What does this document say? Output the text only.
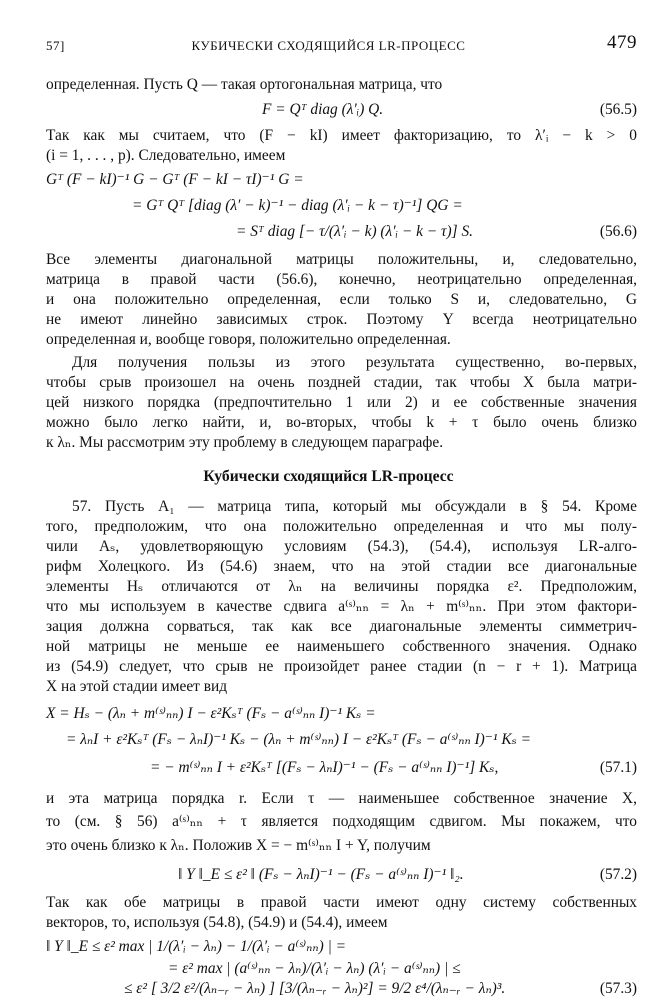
57]	КУБИЧЕСКИ СХОДЯЩИЙСЯ LR-ПРОЦЕСС	479
определенная. Пусть Q — такая ортогональная матрица, что
F = Qᵀ diag (λ′ᵢ) Q.	(56.5)
Так как мы считаем, что (F − kI) имеет факторизацию, то λ′ᵢ − k > 0
(i = 1, . . . , p). Следовательно, имеем
Gᵀ (F − kI)⁻¹ G − Gᵀ (F − kI − τI)⁻¹ G =
= Gᵀ Qᵀ [diag (λ′ − k)⁻¹ − diag (λ′ᵢ − k − τ)⁻¹] QG =
= Sᵀ diag [− τ/(λ′ᵢ − k) (λ′ᵢ − k − τ)] S.	(56.6)
Все элементы диагональной матрицы положительны, и, следовательно,
матрица в правой части (56.6), конечно, неотрицательно определенная,
и она положительно определенная, если только S и, следовательно, G
не имеют линейно зависимых строк. Поэтому Y всегда неотрицательно
определенная и, вообще говоря, положительно определенная.
Для получения пользы из этого результата существенно, во-первых,
чтобы срыв произошел на очень поздней стадии, так чтобы X была матри-
цей низкого порядка (предпочтительно 1 или 2) и ее собственные значения
можно было легко найти, и, во-вторых, чтобы k + τ было очень близко
к λₙ. Мы рассмотрим эту проблему в следующем параграфе.
Кубически сходящийся LR-процесс
57. Пусть A₁ — матрица типа, который мы обсуждали в § 54. Кроме
того, предположим, что она положительно определенная и что мы полу-
чили Aₛ, удовлетворяющую условиям (54.3), (54.4), используя LR-алго-
рифм Холецкого. Из (54.6) знаем, что на этой стадии все диагональные
элементы Hₛ отличаются от λₙ на величины порядка ε². Предположим,
что мы используем в качестве сдвига a⁽ˢ⁾ₙₙ = λₙ + m⁽ˢ⁾ₙₙ. При этом фактори-
зация должна сорваться, так как все диагональные элементы симметрич-
ной матрицы не меньше ее наименьшего собственного значения. Однако
из (54.9) следует, что срыв не произойдет ранее стадии (n − r + 1). Матрица
X на этой стадии имеет вид
X = Hₛ − (λₙ + m⁽ˢ⁾ₙₙ) I − ε²Kₛᵀ (Fₛ − a⁽ˢ⁾ₙₙ I)⁻¹ Kₛ =
= λₙI + ε²Kₛᵀ (Fₛ − λₙI)⁻¹ Kₛ − (λₙ + m⁽ˢ⁾ₙₙ) I − ε²Kₛᵀ (Fₛ − a⁽ˢ⁾ₙₙ I)⁻¹ Kₛ =
= − m⁽ˢ⁾ₙₙ I + ε²Kₛᵀ [(Fₛ − λₙI)⁻¹ − (Fₛ − a⁽ˢ⁾ₙₙ I)⁻¹] Kₛ,	(57.1)
и эта матрица порядка r. Если τ — наименьшее собственное значение X,
то (см. § 56) a⁽ˢ⁾ₙₙ + τ является подходящим сдвигом. Мы покажем, что
это очень близко к λₙ. Положив X = − m⁽ˢ⁾ₙₙ I + Y, получим
‖ Y ‖_E ≤ ε² ‖ (Fₛ − λₙI)⁻¹ − (Fₛ − a⁽ˢ⁾ₙₙ I)⁻¹ ‖₂.	(57.2)
Так как обе матрицы в правой части имеют одну систему собственных
векторов, то, используя (54.8), (54.9) и (54.4), имеем
‖ Y ‖_E ≤ ε² max | 1/(λ′ᵢ − λₙ) − 1/(λ′ᵢ − a⁽ˢ⁾ₙₙ) | =
= ε² max | (a⁽ˢ⁾ₙₙ − λₙ)/(λ′ᵢ − λₙ) (λ′ᵢ − a⁽ˢ⁾ₙₙ) | ≤
≤ ε² [ 3/2 ε²/(λₙ₋ᵣ − λₙ) ] [3/(λₙ₋ᵣ − λₙ)²] = 9/2 ε⁴/(λₙ₋ᵣ − λₙ)³.	(57.3)
